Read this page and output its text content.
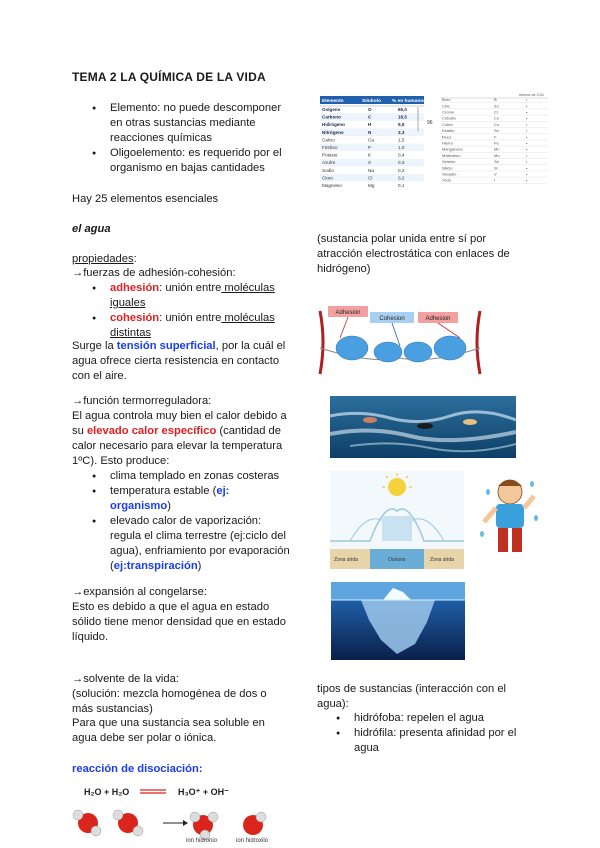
TEMA 2 LA QUÍMICA DE LA VIDA
● Elemento: no puede descomponer en otras sustancias mediante reacciones químicas
● Oligoelemento: es requerido por el organismo en bajas cantidades
Hay 25 elementos esenciales
el agua
propiedades:
→fuerzas de adhesión-cohesión:
● adhesión: unión entre moléculas iguales
● cohesión: unión entre moléculas distintas
Surge la tensión superficial, por la cuál el agua ofrece cierta resistencia en contacto con el aire.
→función termorreguladora:
El agua controla muy bien el calor debido a su elevado calor específico (cantidad de calor necesario para elevar la temperatura 1ºC). Esto produce:
● clima templado en zonas costeras
● temperatura estable (ej: organismo)
● elevado calor de vaporización: regula el clima terrestre (ej:ciclo del agua), enfriamiento por evaporación (ej:transpiración)
→expansión al congelarse:
Esto es debido a que el agua en estado sólido tiene menor densidad que en estado líquido.
→solvente de la vida:
(solución: mezcla homogénea de dos o más sustancias)
Para que una sustancia sea soluble en agua debe ser polar o iónica.
reacción de disociación:
H₂O + H₂O	H₃O⁺ + OH⁻
ion hidronio	ion hidroxilo
Elemento	Símbolo % en humanos
Oxígeno	O	65,0
Carbono	C	18,5
Hidrógeno	H	9,5
Nitrógeno	N	3,3
Calcio	Ca	1,5
Fósforo	P	1,0
Potasio	K	0,4
Azufre	S	0,3
Sodio	Na	0,2
Cloro	Cl	0,2
Magnesio	Mg	0,1
96
menos de 0,01
Boro	B	•
Cinc	Zn	•
Cromo	Cr	•
Cobalto	Co	•
Cobre	Cu	•
Estaño	Sn	•
Flúor	F	•
Hierro	Fe	•
Manganeso	Mn	•
Molibdeno	Mo	•
Selenio	Se	•
Silicio	Si	•
Vanadio	V	•
Yodo	I	•
(sustancia polar unida entre sí por atracción electrostática con enlaces de hidrógeno)
Adhesion
Cohesion	Adhesion
Zona árida	Océano	Zona árida
tipos de sustancias (interacción con el agua):
● hidrófoba: repelen el agua
● hidrófila: presenta afinidad por el agua
